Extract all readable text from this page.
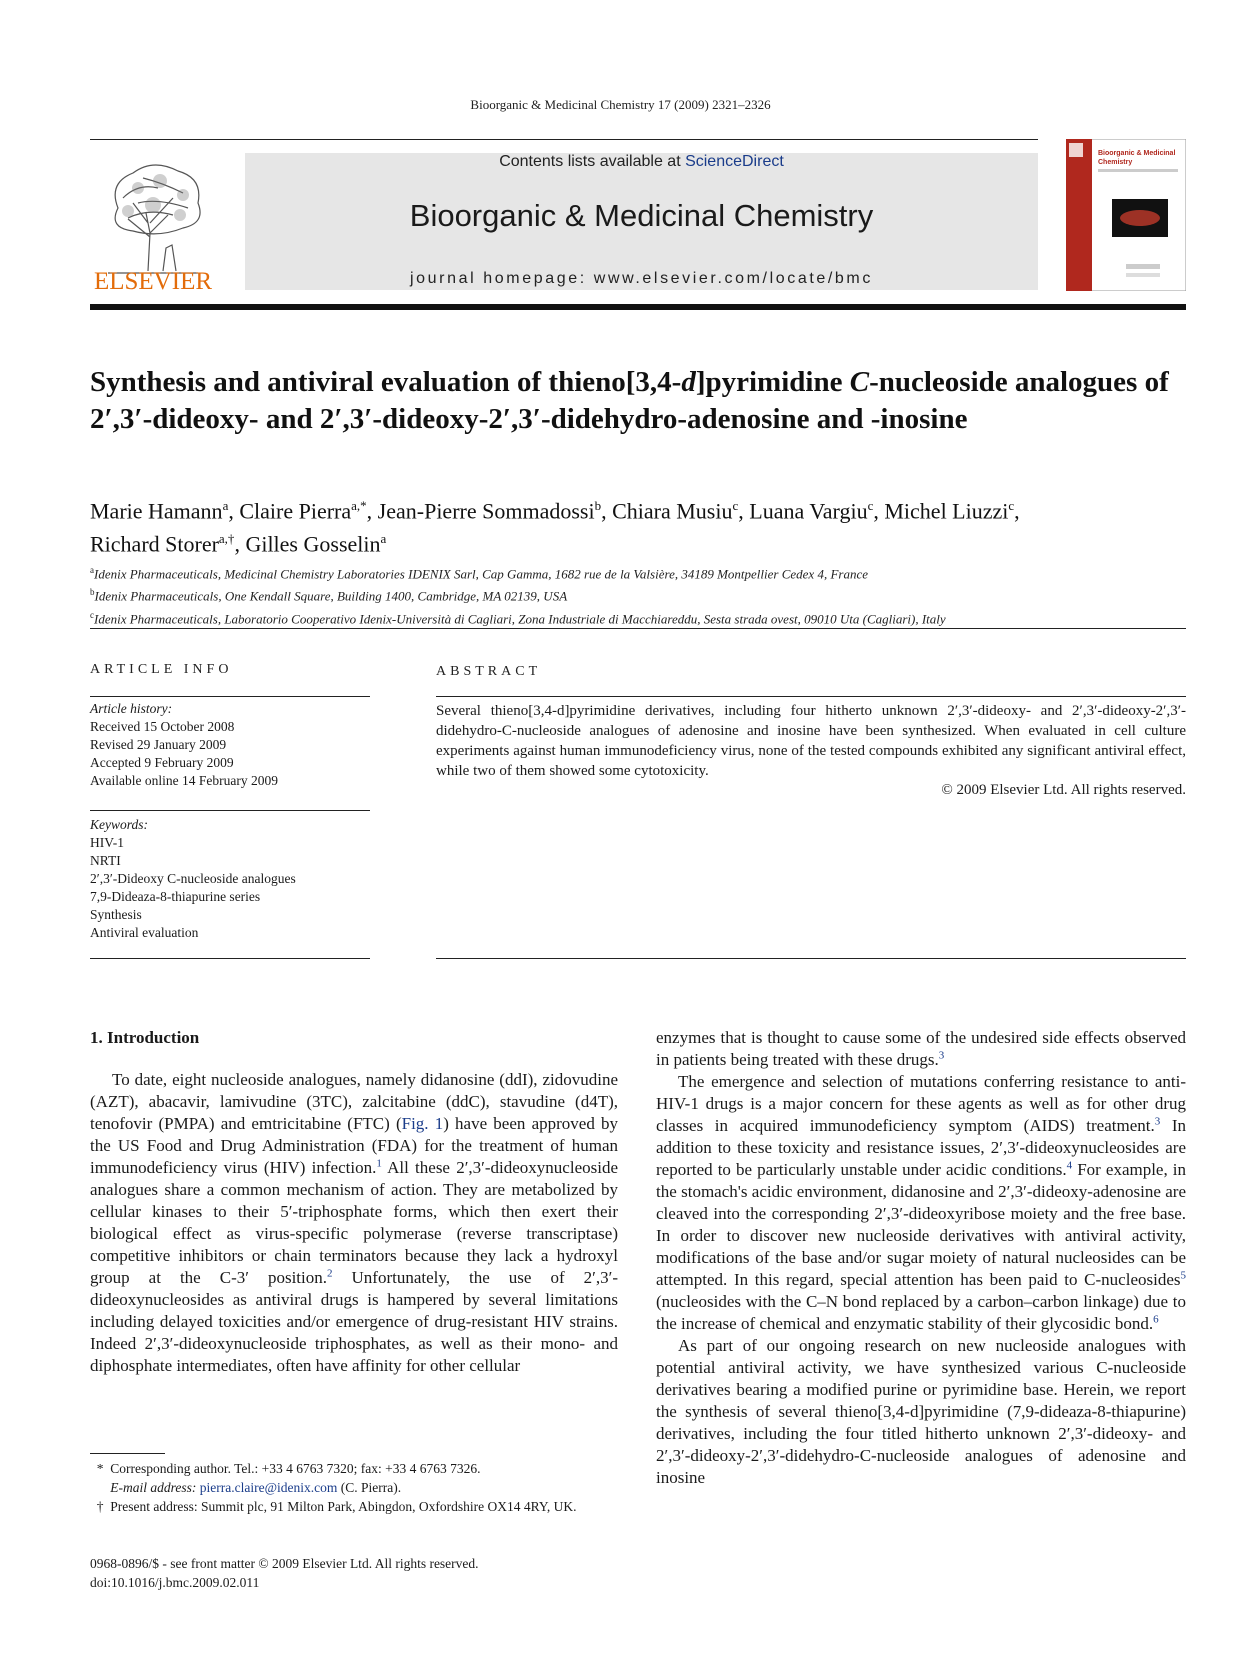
Bioorganic & Medicinal Chemistry 17 (2009) 2321–2326
ELSEVIER
Contents lists available at ScienceDirect
Bioorganic & Medicinal Chemistry
journal homepage: www.elsevier.com/locate/bmc
Bioorganic & Medicinal
Chemistry
Synthesis and antiviral evaluation of thieno[3,4-d]pyrimidine C-nucleoside analogues of 2′,3′-dideoxy- and 2′,3′-dideoxy-2′,3′-didehydro-adenosine and -inosine
Marie Hamann$^a$, Claire Pierra$^{a,*}$, Jean-Pierre Sommadossi$^b$, Chiara Musiu$^c$, Luana Vargiu$^c$, Michel Liuzzi$^c$,
Richard Storer$^{a,\dagger}$, Gilles Gosselin$^a$
$^a$Idenix Pharmaceuticals, Medicinal Chemistry Laboratories IDENIX Sarl, Cap Gamma, 1682 rue de la Valsière, 34189 Montpellier Cedex 4, France
$^b$Idenix Pharmaceuticals, One Kendall Square, Building 1400, Cambridge, MA 02139, USA
$^c$Idenix Pharmaceuticals, Laboratorio Cooperativo Idenix-Università di Cagliari, Zona Industriale di Macchiareddu, Sesta strada ovest, 09010 Uta (Cagliari), Italy
ARTICLE INFO
Article history:
Received 15 October 2008
Revised 29 January 2009
Accepted 9 February 2009
Available online 14 February 2009
Keywords:
HIV-1
NRTI
2′,3′-Dideoxy C-nucleoside analogues
7,9-Dideaza-8-thiapurine series
Synthesis
Antiviral evaluation
ABSTRACT
Several thieno[3,4-d]pyrimidine derivatives, including four hitherto unknown 2′,3′-dideoxy- and 2′,3′-dideoxy-2′,3′-didehydro-C-nucleoside analogues of adenosine and inosine have been synthesized. When evaluated in cell culture experiments against human immunodeficiency virus, none of the tested compounds exhibited any significant antiviral effect, while two of them showed some cytotoxicity.
© 2009 Elsevier Ltd. All rights reserved.
1. Introduction

To date, eight nucleoside analogues, namely didanosine (ddI), zidovudine (AZT), abacavir, lamivudine (3TC), zalcitabine (ddC), stavudine (d4T), tenofovir (PMPA) and emtricitabine (FTC) (Fig. 1) have been approved by the US Food and Drug Administration (FDA) for the treatment of human immunodeficiency virus (HIV) infection.$^1$ All these 2′,3′-dideoxynucleoside analogues share a common mechanism of action. They are metabolized by cellular kinases to their 5′-triphosphate forms, which then exert their biological effect as virus-specific polymerase (reverse transcriptase) competitive inhibitors or chain terminators because they lack a hydroxyl group at the C-3′ position.$^2$ Unfortunately, the use of 2′,3′-dideoxynucleosides as antiviral drugs is hampered by several limitations including delayed toxicities and/or emergence of drug-resistant HIV strains. Indeed 2′,3′-dideoxynucleoside triphosphates, as well as their mono- and diphosphate intermediates, often have affinity for other cellular

enzymes that is thought to cause some of the undesired side effects observed in patients being treated with these drugs.$^3$

The emergence and selection of mutations conferring resistance to anti-HIV-1 drugs is a major concern for these agents as well as for other drug classes in acquired immunodeficiency symptom (AIDS) treatment.$^3$ In addition to these toxicity and resistance issues, 2′,3′-dideoxynucleosides are reported to be particularly unstable under acidic conditions.$^4$ For example, in the stomach's acidic environment, didanosine and 2′,3′-dideoxy-adenosine are cleaved into the corresponding 2′,3′-dideoxyribose moiety and the free base. In order to discover new nucleoside derivatives with antiviral activity, modifications of the base and/or sugar moiety of natural nucleosides can be attempted. In this regard, special attention has been paid to C-nucleosides$^5$ (nucleosides with the C–N bond replaced by a carbon–carbon linkage) due to the increase of chemical and enzymatic stability of their glycosidic bond.$^6$

As part of our ongoing research on new nucleoside analogues with potential antiviral activity, we have synthesized various C-nucleoside derivatives bearing a modified purine or pyrimidine base. Herein, we report the synthesis of several thieno[3,4-d]pyrimidine (7,9-dideaza-8-thiapurine) derivatives, including the four titled hitherto unknown 2′,3′-dideoxy- and 2′,3′-dideoxy-2′,3′-didehydro-C-nucleoside analogues of adenosine and inosine

* Corresponding author. Tel.: +33 4 6763 7320; fax: +33 4 6763 7326.
E-mail address: pierra.claire@idenix.com (C. Pierra).
† Present address: Summit plc, 91 Milton Park, Abingdon, Oxfordshire OX14 4RY, UK.
0968-0896/$ - see front matter © 2009 Elsevier Ltd. All rights reserved.
doi:10.1016/j.bmc.2009.02.011
